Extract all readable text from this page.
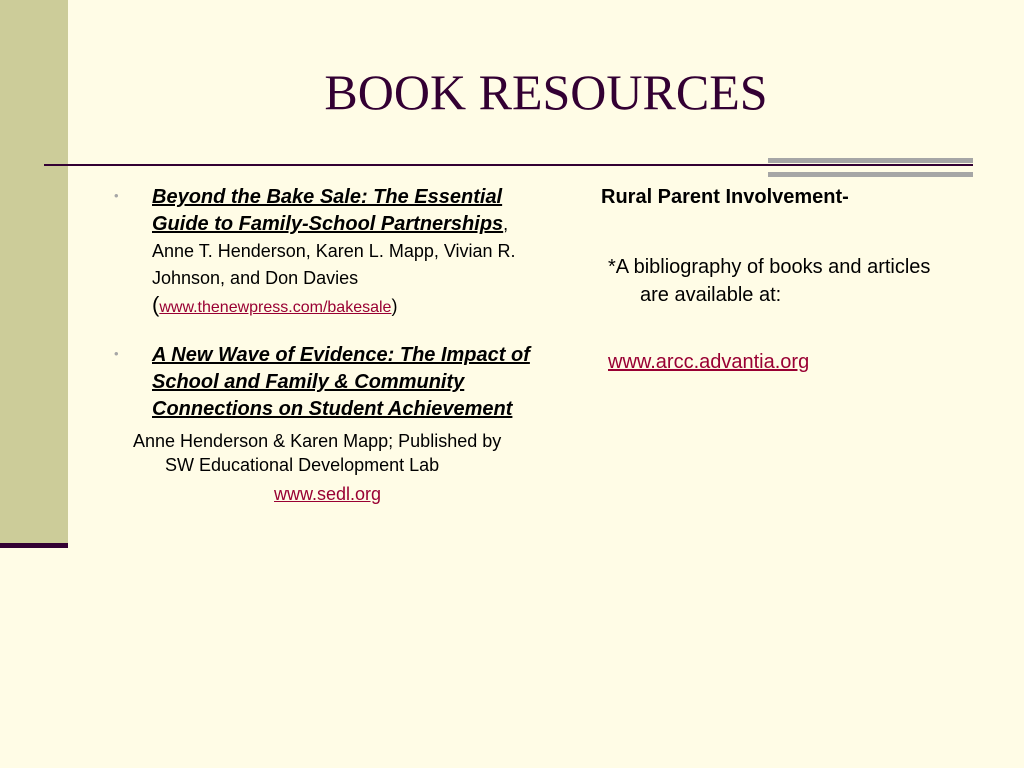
BOOK RESOURCES
• Beyond the Bake Sale: The Essential Guide to Family-School Partnerships, Anne T. Henderson, Karen L. Mapp, Vivian R. Johnson, and Don Davies (www.thenewpress.com/bakesale)
• A New Wave of Evidence: The Impact of School and Family & Community Connections on Student Achievement
Anne Henderson & Karen Mapp; Published by SW Educational Development Lab
www.sedl.org

Rural Parent Involvement-

*A bibliography of books and articles are available at:
www.arcc.advantia.org
